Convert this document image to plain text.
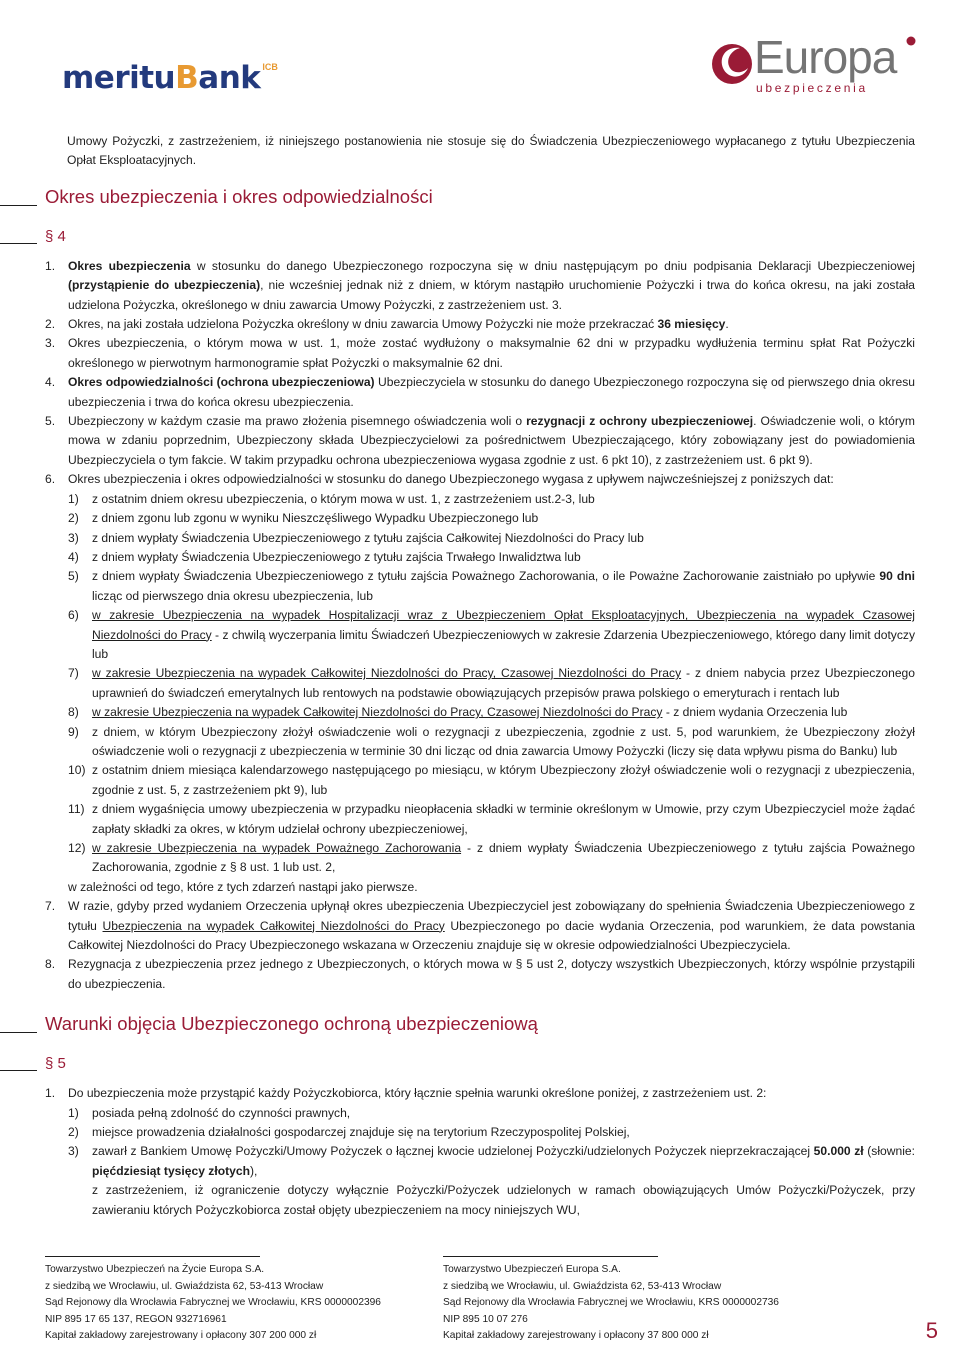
merituBank ICB	Europa
ubezpieczenia

Umowy Pożyczki, z zastrzeżeniem, iż niniejszego postanowienia nie stosuje się do Świadczenia Ubezpieczeniowego wypłacanego z tytułu Ubezpieczenia Opłat Eksploatacyjnych.

Okres ubezpieczenia i okres odpowiedzialności
§ 4
1.	Okres ubezpieczenia w stosunku do danego Ubezpieczonego rozpoczyna się w dniu następującym po dniu podpisania Deklaracji Ubezpieczeniowej (przystąpienie do ubezpieczenia), nie wcześniej jednak niż z dniem, w którym nastąpiło uruchomienie Pożyczki i trwa do końca okresu, na jaki została udzielona Pożyczka, określonego w dniu zawarcia Umowy Pożyczki, z zastrzeżeniem ust. 3.
2.	Okres, na jaki została udzielona Pożyczka określony w dniu zawarcia Umowy Pożyczki nie może przekraczać 36 miesięcy.
3.	Okres ubezpieczenia, o którym mowa w ust. 1, może zostać wydłużony o maksymalnie 62 dni w przypadku wydłużenia terminu spłat Rat Pożyczki określonego w pierwotnym harmonogramie spłat Pożyczki o maksymalnie 62 dni.
4.	Okres odpowiedzialności (ochrona ubezpieczeniowa) Ubezpieczyciela w stosunku do danego Ubezpieczonego rozpoczyna się od pierwszego dnia okresu ubezpieczenia i trwa do końca okresu ubezpieczenia.
5.	Ubezpieczony w każdym czasie ma prawo złożenia pisemnego oświadczenia woli o rezygnacji z ochrony ubezpieczeniowej. Oświadczenie woli, o którym mowa w zdaniu poprzednim, Ubezpieczony składa Ubezpieczycielowi za pośrednictwem Ubezpieczającego, który zobowiązany jest do powiadomienia Ubezpieczyciela o tym fakcie. W takim przypadku ochrona ubezpieczeniowa wygasa zgodnie z ust. 6 pkt 10), z zastrzeżeniem ust. 6 pkt 9).
6.	Okres ubezpieczenia i okres odpowiedzialności w stosunku do danego Ubezpieczonego wygasa z upływem najwcześniejszej z poniższych dat:
1)	z ostatnim dniem okresu ubezpieczenia, o którym mowa w ust. 1, z zastrzeżeniem ust.2-3, lub
2)	z dniem zgonu lub zgonu w wyniku Nieszczęśliwego Wypadku Ubezpieczonego lub
3)	z dniem wypłaty Świadczenia Ubezpieczeniowego z tytułu zajścia Całkowitej Niezdolności do Pracy lub
4)	z dniem wypłaty Świadczenia Ubezpieczeniowego z tytułu zajścia Trwałego Inwalidztwa lub
5)	z dniem wypłaty Świadczenia Ubezpieczeniowego z tytułu zajścia Poważnego Zachorowania, o ile Poważne Zachorowanie zaistniało po upływie 90 dni licząc od pierwszego dnia okresu ubezpieczenia, lub
6)	w zakresie Ubezpieczenia na wypadek Hospitalizacji wraz z Ubezpieczeniem Opłat Eksploatacyjnych, Ubezpieczenia na wypadek Czasowej Niezdolności do Pracy - z chwilą wyczerpania limitu Świadczeń Ubezpieczeniowych w zakresie Zdarzenia Ubezpieczeniowego, którego dany limit dotyczy lub
7)	w zakresie Ubezpieczenia na wypadek Całkowitej Niezdolności do Pracy, Czasowej Niezdolności do Pracy - z dniem nabycia przez Ubezpieczonego uprawnień do świadczeń emerytalnych lub rentowych na podstawie obowiązujących przepisów prawa polskiego o emeryturach i rentach lub
8)	w zakresie Ubezpieczenia na wypadek Całkowitej Niezdolności do Pracy, Czasowej Niezdolności do Pracy - z dniem wydania Orzeczenia lub
9)	z dniem, w którym Ubezpieczony złożył oświadczenie woli o rezygnacji z ubezpieczenia, zgodnie z ust. 5, pod warunkiem, że Ubezpieczony złożył oświadczenie woli o rezygnacji z ubezpieczenia w terminie 30 dni licząc od dnia zawarcia Umowy Pożyczki (liczy się data wpływu pisma do Banku) lub
10) z ostatnim dniem miesiąca kalendarzowego następującego po miesiącu, w którym Ubezpieczony złożył oświadczenie woli o rezygnacji z ubezpieczenia, zgodnie z ust. 5, z zastrzeżeniem pkt 9), lub
11) z dniem wygaśnięcia umowy ubezpieczenia w przypadku nieopłacenia składki w terminie określonym w Umowie, przy czym Ubezpieczyciel może żądać zapłaty składki za okres, w którym udzielał ochrony ubezpieczeniowej,
12) w zakresie Ubezpieczenia na wypadek Poważnego Zachorowania - z dniem wypłaty Świadczenia Ubezpieczeniowego z tytułu zajścia Poważnego Zachorowania, zgodnie z § 8 ust. 1 lub ust. 2,
w zależności od tego, które z tych zdarzeń nastąpi jako pierwsze.
7.	W razie, gdyby przed wydaniem Orzeczenia upłynął okres ubezpieczenia Ubezpieczyciel jest zobowiązany do spełnienia Świadczenia Ubezpieczeniowego z tytułu Ubezpieczenia na wypadek Całkowitej Niezdolności do Pracy Ubezpieczonego po dacie wydania Orzeczenia, pod warunkiem, że data powstania Całkowitej Niezdolności do Pracy Ubezpieczonego wskazana w Orzeczeniu znajduje się w okresie odpowiedzialności Ubezpieczyciela.
8.	Rezygnacja z ubezpieczenia przez jednego z Ubezpieczonych, o których mowa w § 5 ust 2, dotyczy wszystkich Ubezpieczonych, którzy wspólnie przystąpili do ubezpieczenia.
Warunki objęcia Ubezpieczonego ochroną ubezpieczeniową
§ 5
1.	Do ubezpieczenia może przystąpić każdy Pożyczkobiorca, który łącznie spełnia warunki określone poniżej, z zastrzeżeniem ust. 2:
1)	posiada pełną zdolność do czynności prawnych,
2)	miejsce prowadzenia działalności gospodarczej znajduje się na terytorium Rzeczypospolitej Polskiej,
3)	zawarł z Bankiem Umowę Pożyczki/Umowy Pożyczek o łącznej kwocie udzielonej Pożyczki/udzielonych Pożyczek nieprzekraczającej 50.000 zł (słownie: pięćdziesiąt tysięcy złotych),
z zastrzeżeniem, iż ograniczenie dotyczy wyłącznie Pożyczki/Pożyczek udzielonych w ramach obowiązujących Umów Pożyczki/Pożyczek, przy zawieraniu których Pożyczkobiorca został objęty ubezpieczeniem na mocy niniejszych WU,
Towarzystwo Ubezpieczeń na Życie Europa S.A.
z siedzibą we Wrocławiu, ul. Gwiaździsta 62, 53-413 Wrocław
Sąd Rejonowy dla Wrocławia Fabrycznej we Wrocławiu, KRS 0000002396
NIP 895 17 65 137, REGON 932716961
Kapitał zakładowy zarejestrowany i opłacony 307 200 000 zł
Towarzystwo Ubezpieczeń Europa S.A.
z siedzibą we Wrocławiu, ul. Gwiaździsta 62, 53-413 Wrocław
Sąd Rejonowy dla Wrocławia Fabrycznej we Wrocławiu, KRS 0000002736
NIP 895 10 07 276
Kapitał zakładowy zarejestrowany i opłacony 37 800 000 zł	5
